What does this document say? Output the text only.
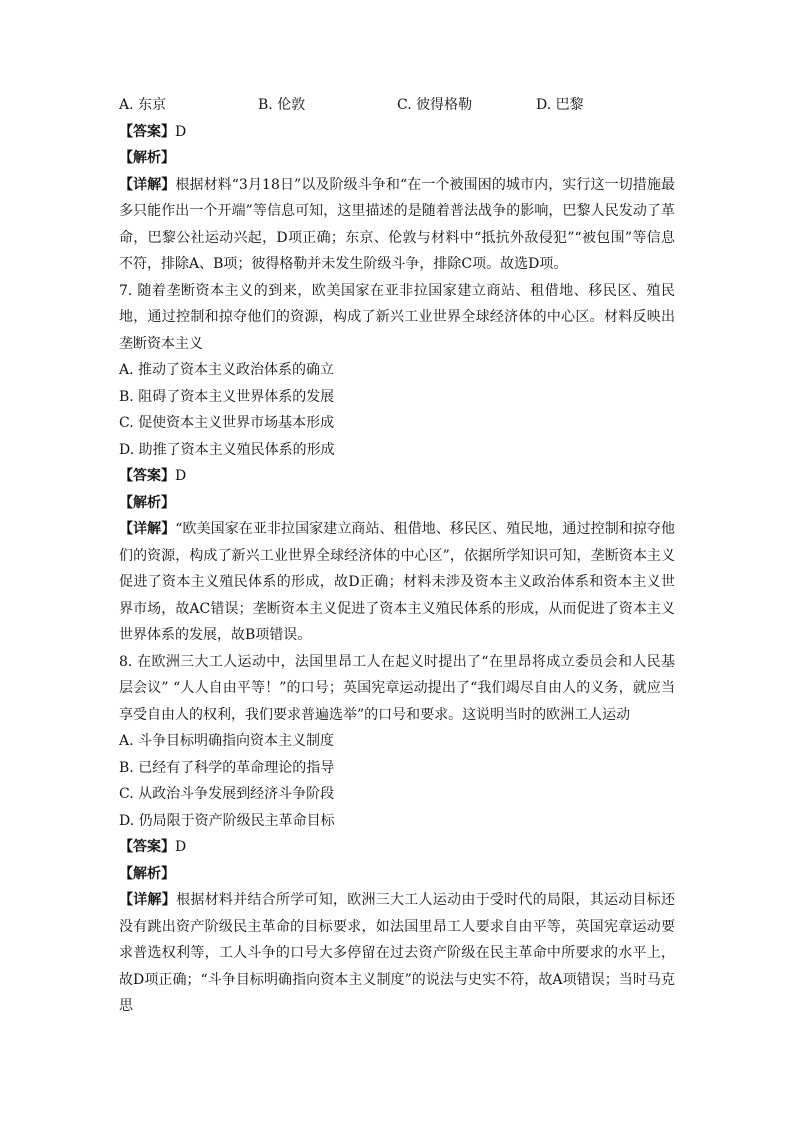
A. 东京	B. 伦敦	C. 彼得格勒	D. 巴黎

【答案】D

【解析】

【详解】根据材料“3月18日”以及阶级斗争和“在一个被围困的城市内，实行这一切措施最多只能作出一个开端”等信息可知，这里描述的是随着普法战争的影响，巴黎人民发动了革命，巴黎公社运动兴起，D项正确；东京、伦敦与材料中“抵抗外敌侵犯”“被包围”等信息不符，排除A、B项；彼得格勒并未发生阶级斗争，排除C项。故选D项。

7. 随着垄断资本主义的到来，欧美国家在亚非拉国家建立商站、租借地、移民区、殖民地，通过控制和掠夺他们的资源，构成了新兴工业世界全球经济体的中心区。材料反映出垄断资本主义

A. 推动了资本主义政治体系的确立

B. 阻碍了资本主义世界体系的发展

C. 促使资本主义世界市场基本形成

D. 助推了资本主义殖民体系的形成

【答案】D

【解析】

【详解】“欧美国家在亚非拉国家建立商站、租借地、移民区、殖民地，通过控制和掠夺他们的资源，构成了新兴工业世界全球经济体的中心区”，依据所学知识可知，垄断资本主义促进了资本主义殖民体系的形成，故D正确；材料未涉及资本主义政治体系和资本主义世界市场，故AC错误；垄断资本主义促进了资本主义殖民体系的形成，从而促进了资本主义世界体系的发展，故B项错误。

8. 在欧洲三大工人运动中，法国里昂工人在起义时提出了“在里昂将成立委员会和人民基层会议” “人人自由平等！”的口号；英国宪章运动提出了“我们竭尽自由人的义务，就应当享受自由人的权利，我们要求普遍选举”的口号和要求。这说明当时的欧洲工人运动

A. 斗争目标明确指向资本主义制度

B. 已经有了科学的革命理论的指导

C. 从政治斗争发展到经济斗争阶段

D. 仍局限于资产阶级民主革命目标

【答案】D

【解析】

【详解】根据材料并结合所学可知，欧洲三大工人运动由于受时代的局限，其运动目标还没有跳出资产阶级民主革命的目标要求，如法国里昂工人要求自由平等，英国宪章运动要求普选权利等，工人斗争的口号大多停留在过去资产阶级在民主革命中所要求的水平上，故D项正确；“斗争目标明确指向资本主义制度”的说法与史实不符，故A项错误；当时马克思
